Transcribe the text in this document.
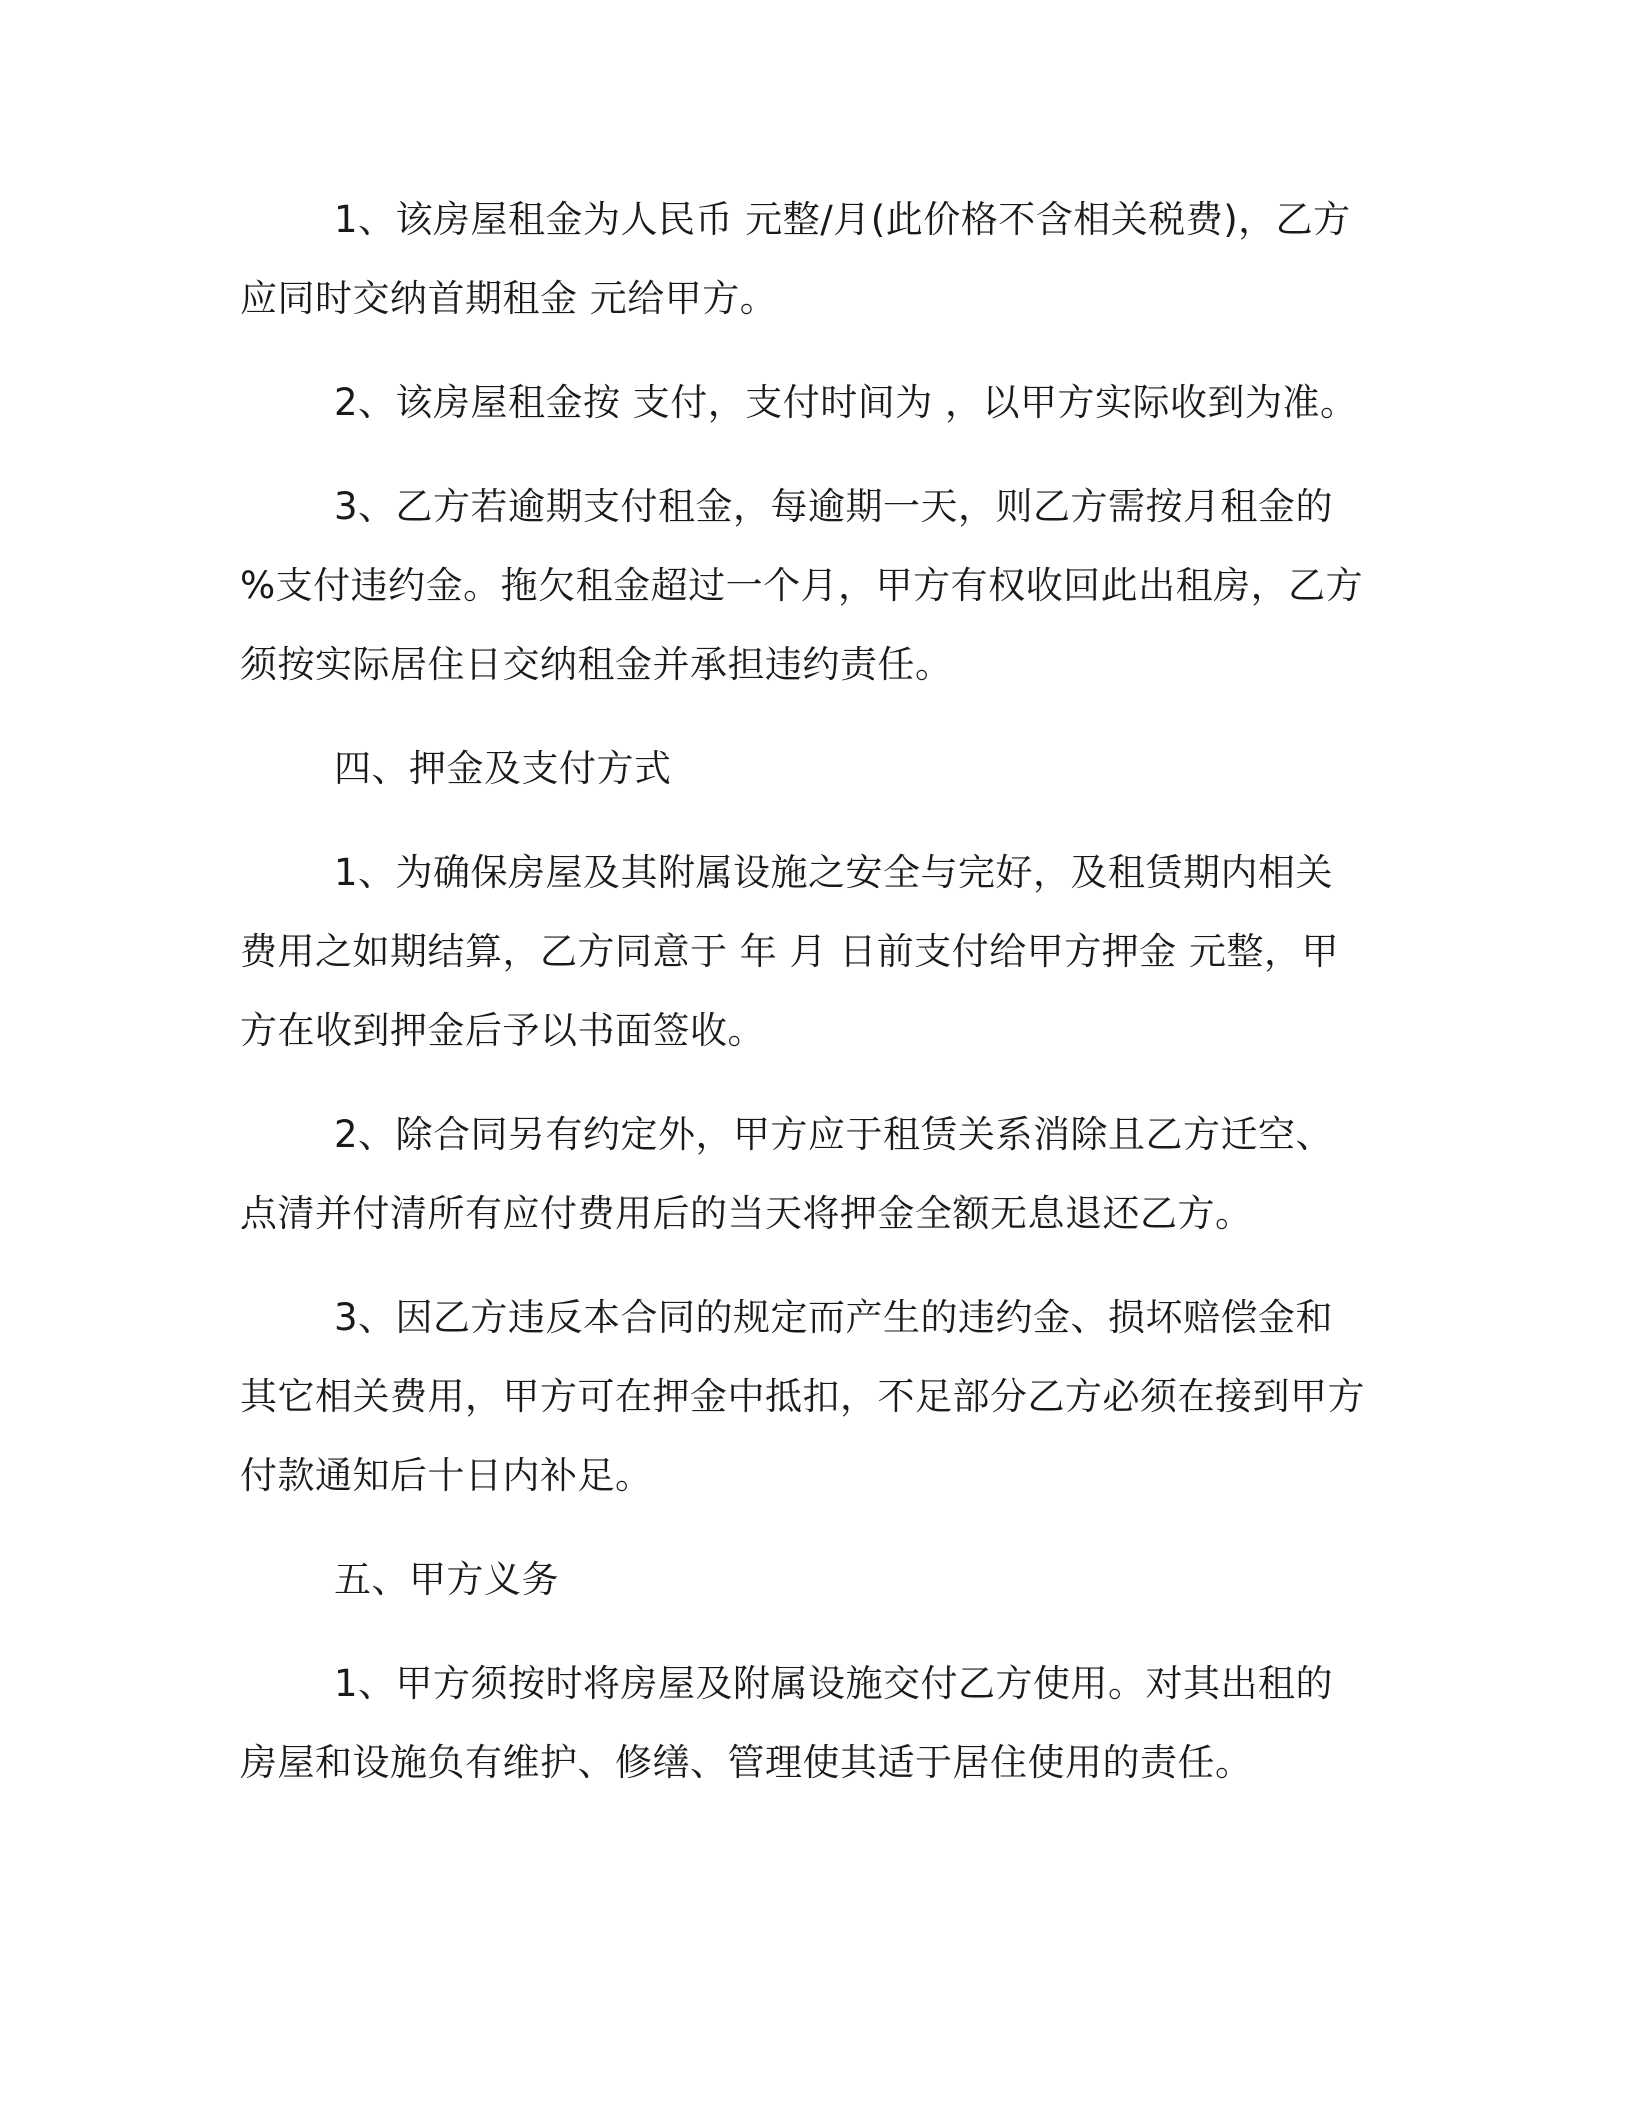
1、该房屋租金为人民币 元整/月(此价格不含相关税费)，乙方应同时交纳首期租金 元给甲方。

2、该房屋租金按 支付，支付时间为 ，以甲方实际收到为准。

3、乙方若逾期支付租金，每逾期一天，则乙方需按月租金的 %支付违约金。拖欠租金超过一个月，甲方有权收回此出租房，乙方须按实际居住日交纳租金并承担违约责任。

四、押金及支付方式

1、为确保房屋及其附属设施之安全与完好，及租赁期内相关费用之如期结算，乙方同意于 年 月 日前支付给甲方押金 元整，甲方在收到押金后予以书面签收。

2、除合同另有约定外，甲方应于租赁关系消除且乙方迁空、点清并付清所有应付费用后的当天将押金全额无息退还乙方。

3、因乙方违反本合同的规定而产生的违约金、损坏赔偿金和其它相关费用，甲方可在押金中抵扣，不足部分乙方必须在接到甲方付款通知后十日内补足。

五、甲方义务

1、甲方须按时将房屋及附属设施交付乙方使用。对其出租的房屋和设施负有维护、修缮、管理使其适于居住使用的责任。
